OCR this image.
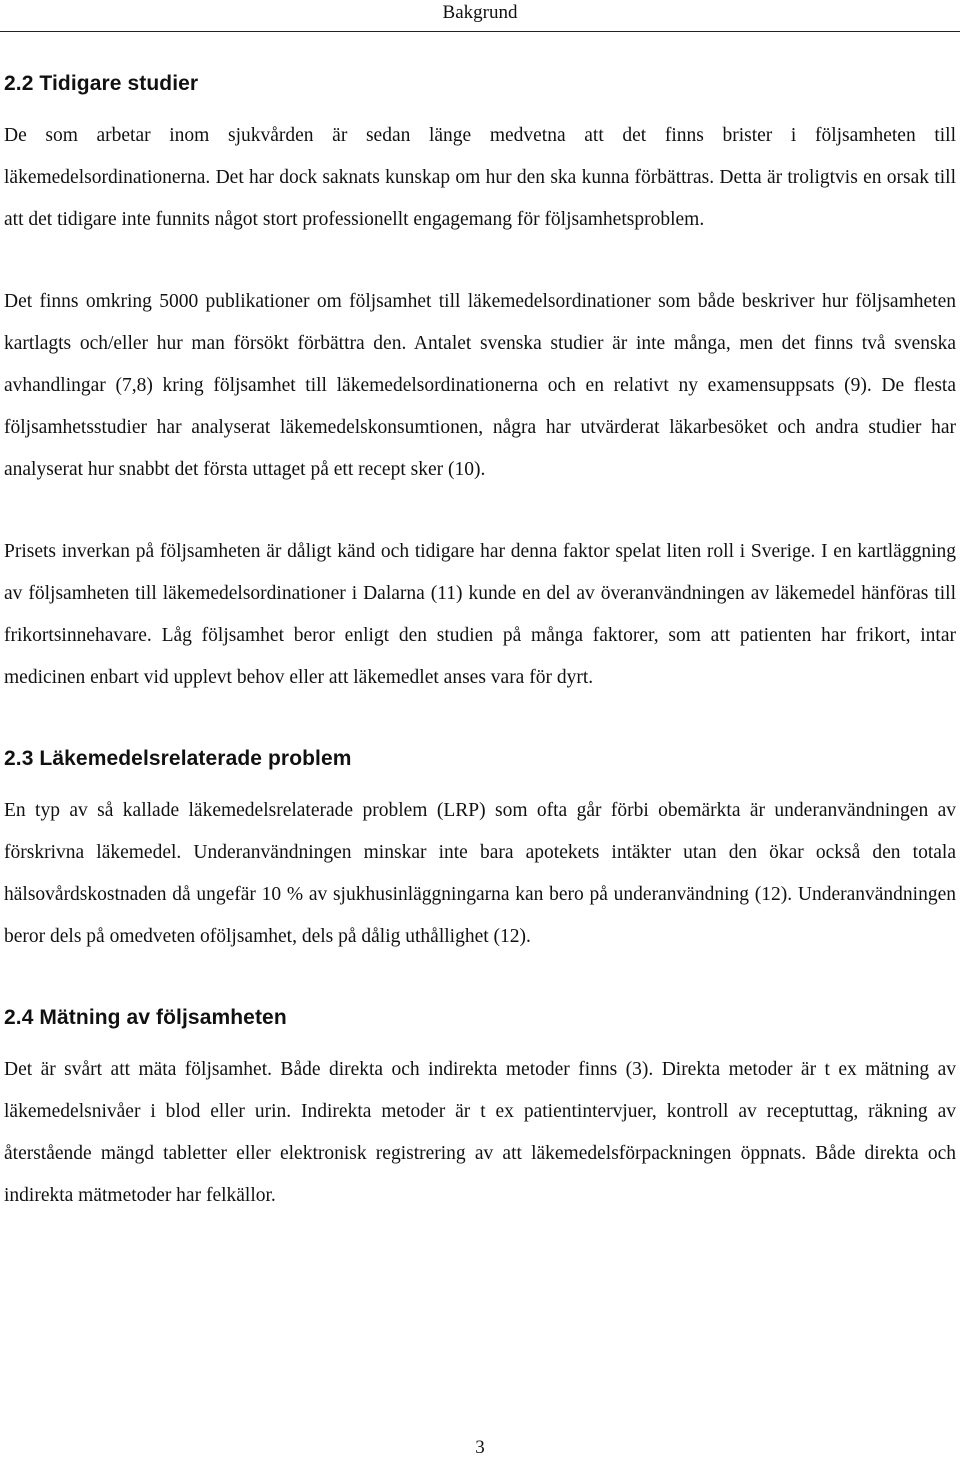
Bakgrund
2.2 Tidigare studier

De som arbetar inom sjukvården är sedan länge medvetna att det finns brister i följsamheten till läkemedelsordinationerna. Det har dock saknats kunskap om hur den ska kunna förbättras. Detta är troligtvis en orsak till att det tidigare inte funnits något stort professionellt engagemang för följsamhetsproblem.

Det finns omkring 5000 publikationer om följsamhet till läkemedelsordinationer som både beskriver hur följsamheten kartlagts och/eller hur man försökt förbättra den. Antalet svenska studier är inte många, men det finns två svenska avhandlingar (7,8) kring följsamhet till läkemedelsordinationerna och en relativt ny examensuppsats (9). De flesta följsamhetsstudier har analyserat läkemedelskonsumtionen, några har utvärderat läkarbesöket och andra studier har analyserat hur snabbt det första uttaget på ett recept sker (10).

Prisets inverkan på följsamheten är dåligt känd och tidigare har denna faktor spelat liten roll i Sverige. I en kartläggning av följsamheten till läkemedelsordinationer i Dalarna (11) kunde en del av överanvändningen av läkemedel hänföras till frikortsinnehavare. Låg följsamhet beror enligt den studien på många faktorer, som att patienten har frikort, intar medicinen enbart vid upplevt behov eller att läkemedlet anses vara för dyrt.

2.3 Läkemedelsrelaterade problem

En typ av så kallade läkemedelsrelaterade problem (LRP) som ofta går förbi obemärkta är underanvändningen av förskrivna läkemedel. Underanvändningen minskar inte bara apotekets intäkter utan den ökar också den totala hälsovårdskostnaden då ungefär 10 % av sjukhusinläggningarna kan bero på underanvändning (12). Underanvändningen beror dels på omedveten oföljsamhet, dels på dålig uthållighet (12).

2.4 Mätning av följsamheten

Det är svårt att mäta följsamhet. Både direkta och indirekta metoder finns (3). Direkta metoder är t ex mätning av läkemedelsnivåer i blod eller urin. Indirekta metoder är t ex patientintervjuer, kontroll av receptuttag, räkning av återstående mängd tabletter eller elektronisk registrering av att läkemedelsförpackningen öppnats. Både direkta och indirekta mätmetoder har felkällor.

3
